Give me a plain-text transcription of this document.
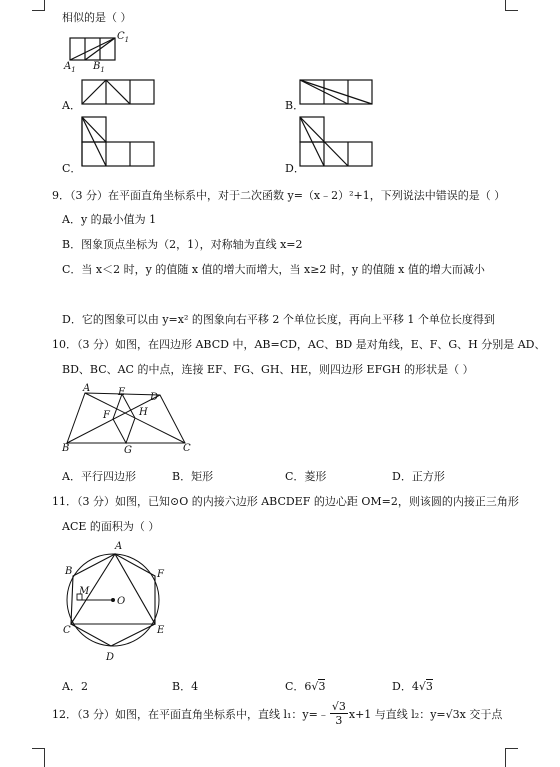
相似的是（ ）
$C_1$
$A_1$ $B_1$
A．	B．
C．	D．
9．（3 分）在平面直角坐标系中，对于二次函数 y=（x﹣2）²+1，下列说法中错误的是（ ）
A．y 的最小值为 1
B．图象顶点坐标为（2，1），对称轴为直线 x=2
C．当 x＜2 时，y 的值随 x 值的增大而增大，当 x≥2 时，y 的值随 x 值的增大而减小
D．它的图象可以由 y=x² 的图象向右平移 2 个单位长度，再向上平移 1 个单位长度得到
10．（3 分）如图，在四边形 ABCD 中，AB=CD，AC、BD 是对角线，E、F、G、H 分别是 AD、
BD、BC、AC 的中点，连接 EF、FG、GH、HE，则四边形 EFGH 的形状是（ ）
A	E D
H
F
B	G	C
A．平行四边形	B．矩形	C．菱形	D．正方形
11．（3 分）如图，已知⊙O 的内接六边形 ABCDEF 的边心距 OM=2，则该圆的内接正三角形
ACE 的面积为（ ）
A
B	F
M
O
C	E
D
A．2	B．4	C．6√3	D．4√3
12．（3 分）如图，在平面直角坐标系中，直线 l₁：y=﹣ $\frac{√3}{3} x+1$ 与直线 l₂：y=√3x 交于点
